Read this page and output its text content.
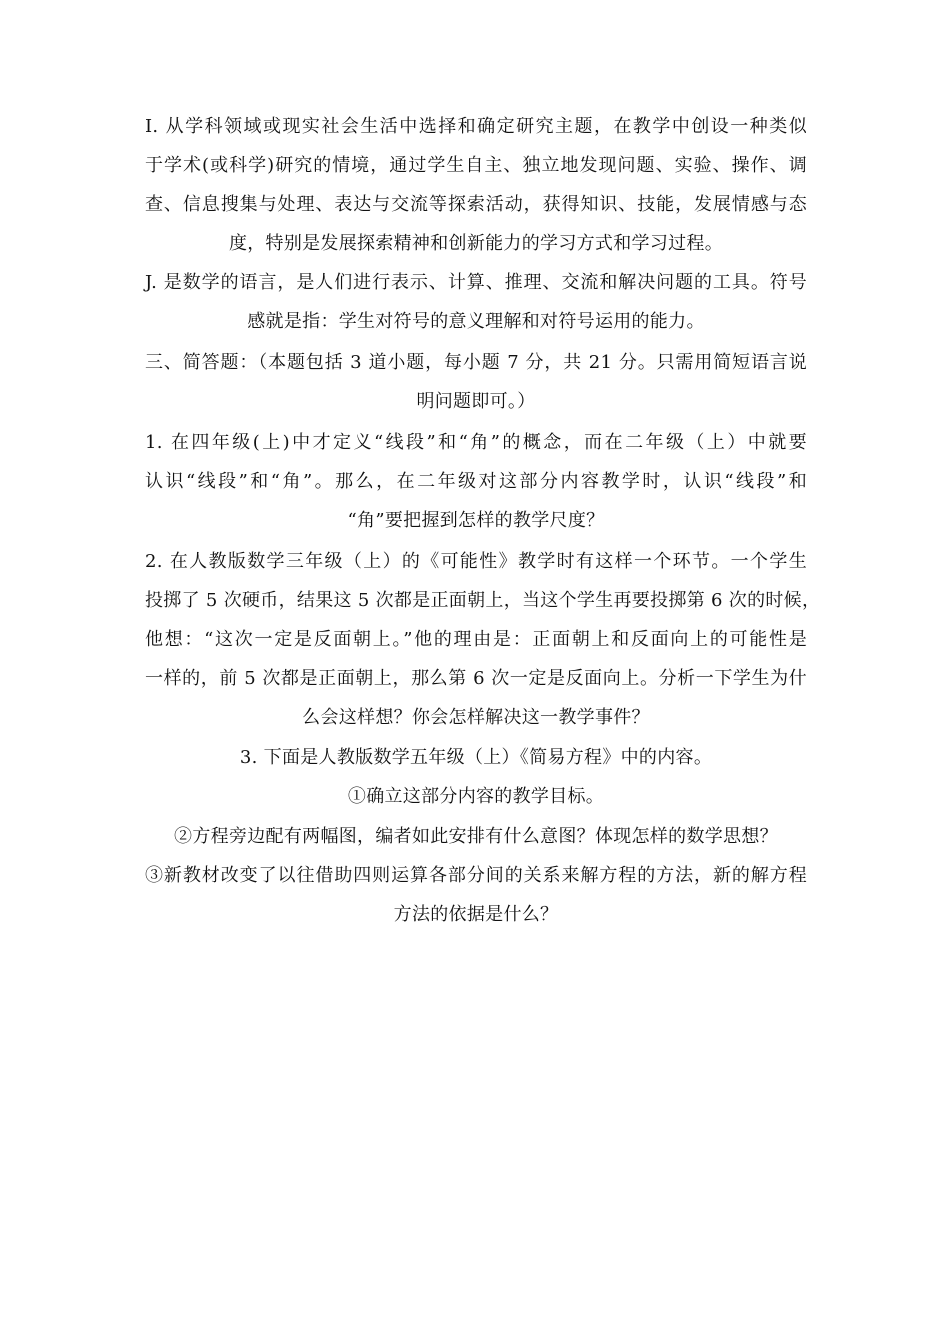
I. 从学科领域或现实社会生活中选择和确定研究主题，在教学中创设一种类似
于学术(或科学)研究的情境，通过学生自主、独立地发现问题、实验、操作、调
查、信息搜集与处理、表达与交流等探索活动，获得知识、技能，发展情感与态
度，特别是发展探索精神和创新能力的学习方式和学习过程。
J. 是数学的语言，是人们进行表示、计算、推理、交流和解决问题的工具。符号
感就是指：学生对符号的意义理解和对符号运用的能力。
三、简答题：（本题包括 3 道小题，每小题 7 分，共 21 分。只需用简短语言说
明问题即可。）
1. 在四年级(上)中才定义“线段”和“角”的概念，而在二年级（上）中就要
认识“线段”和“角”。那么，在二年级对这部分内容教学时，认识“线段”和
“角”要把握到怎样的教学尺度？
2. 在人教版数学三年级（上）的《可能性》教学时有这样一个环节。一个学生
投掷了 5 次硬币，结果这 5 次都是正面朝上，当这个学生再要投掷第 6 次的时候，
他想：“这次一定是反面朝上。”他的理由是：正面朝上和反面向上的可能性是
一样的，前 5 次都是正面朝上，那么第 6 次一定是反面向上。分析一下学生为什
么会这样想？你会怎样解决这一教学事件？
3. 下面是人教版数学五年级（上）《简易方程》中的内容。
①确立这部分内容的教学目标。
②方程旁边配有两幅图，编者如此安排有什么意图？体现怎样的数学思想？
③新教材改变了以往借助四则运算各部分间的关系来解方程的方法，新的解方程
方法的依据是什么？
